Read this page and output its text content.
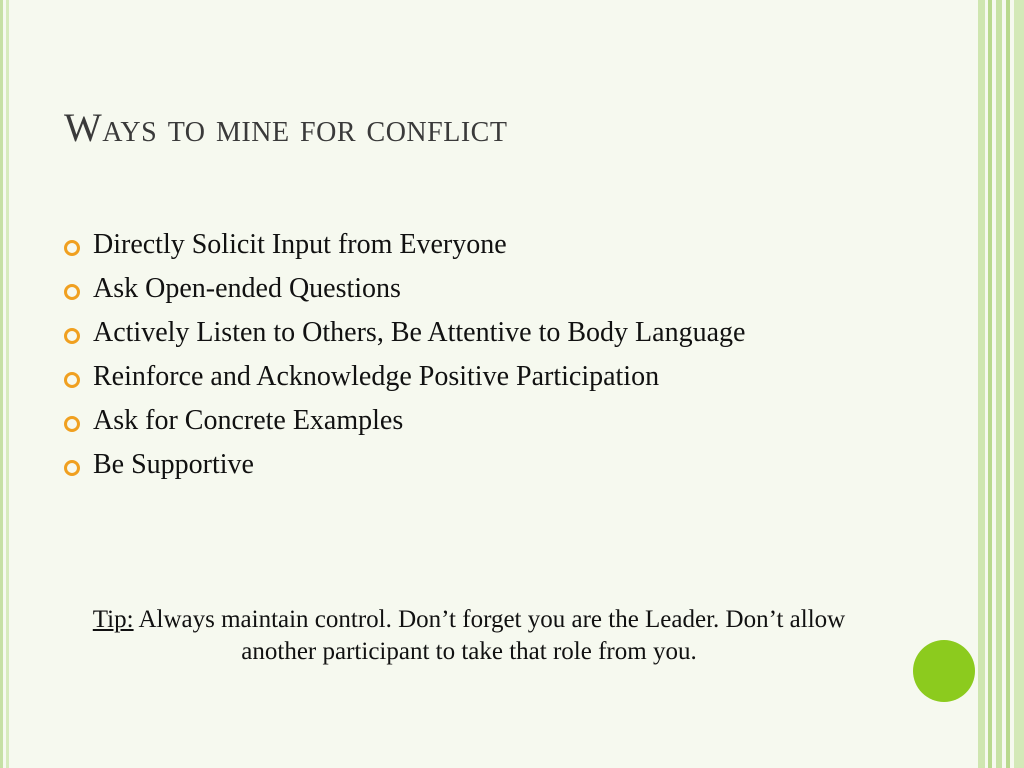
Ways to mine for conflict
Directly Solicit Input from Everyone
Ask Open-ended Questions
Actively Listen to Others, Be Attentive to Body Language
Reinforce and Acknowledge Positive Participation
Ask for Concrete Examples
Be Supportive
Tip: Always maintain control. Don’t forget you are the Leader. Don’t allow another participant to take that role from you.
